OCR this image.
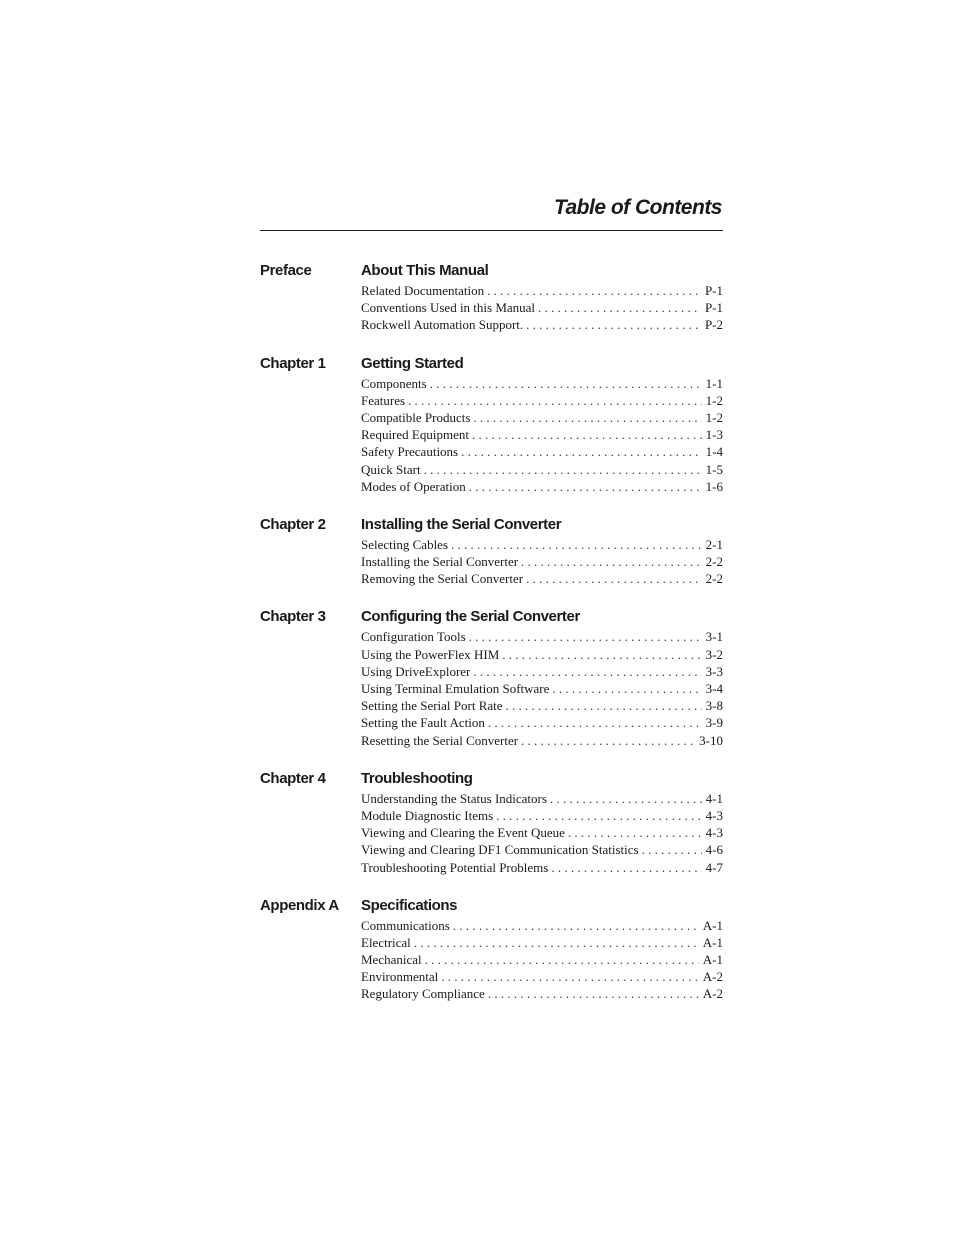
Table of Contents
Preface	About This Manual
Related Documentation . . .	P-1
Conventions Used in this Manual . . .	P-1
Rockwell Automation Support. . . .	P-2
Chapter 1 Getting Started
Components . . .	1-1
Features . . .	1-2
Compatible Products . . .	1-2
Required Equipment . . .	1-3
Safety Precautions . . .	1-4
Quick Start . . .	1-5
Modes of Operation . . .	1-6
Chapter 2 Installing the Serial Converter
Selecting Cables . . .	2-1
Installing the Serial Converter . . .	2-2
Removing the Serial Converter . . .	2-2
Chapter 3 Configuring the Serial Converter
Configuration Tools . . .	3-1
Using the PowerFlex HIM . . .	3-2
Using DriveExplorer . . .	3-3
Using Terminal Emulation Software . . .	3-4
Setting the Serial Port Rate . . .	3-8
Setting the Fault Action . . .	3-9
Resetting the Serial Converter . . .	3-10
Chapter 4 Troubleshooting
Understanding the Status Indicators . . .	4-1
Module Diagnostic Items . . .	4-3
Viewing and Clearing the Event Queue . . .	4-3
Viewing and Clearing DF1 Communication Statistics . . .	4-6
Troubleshooting Potential Problems . . .	4-7
Appendix A Specifications
Communications . . .	A-1
Electrical . . .	A-1
Mechanical . . .	A-1
Environmental . . .	A-2
Regulatory Compliance . . .	A-2
